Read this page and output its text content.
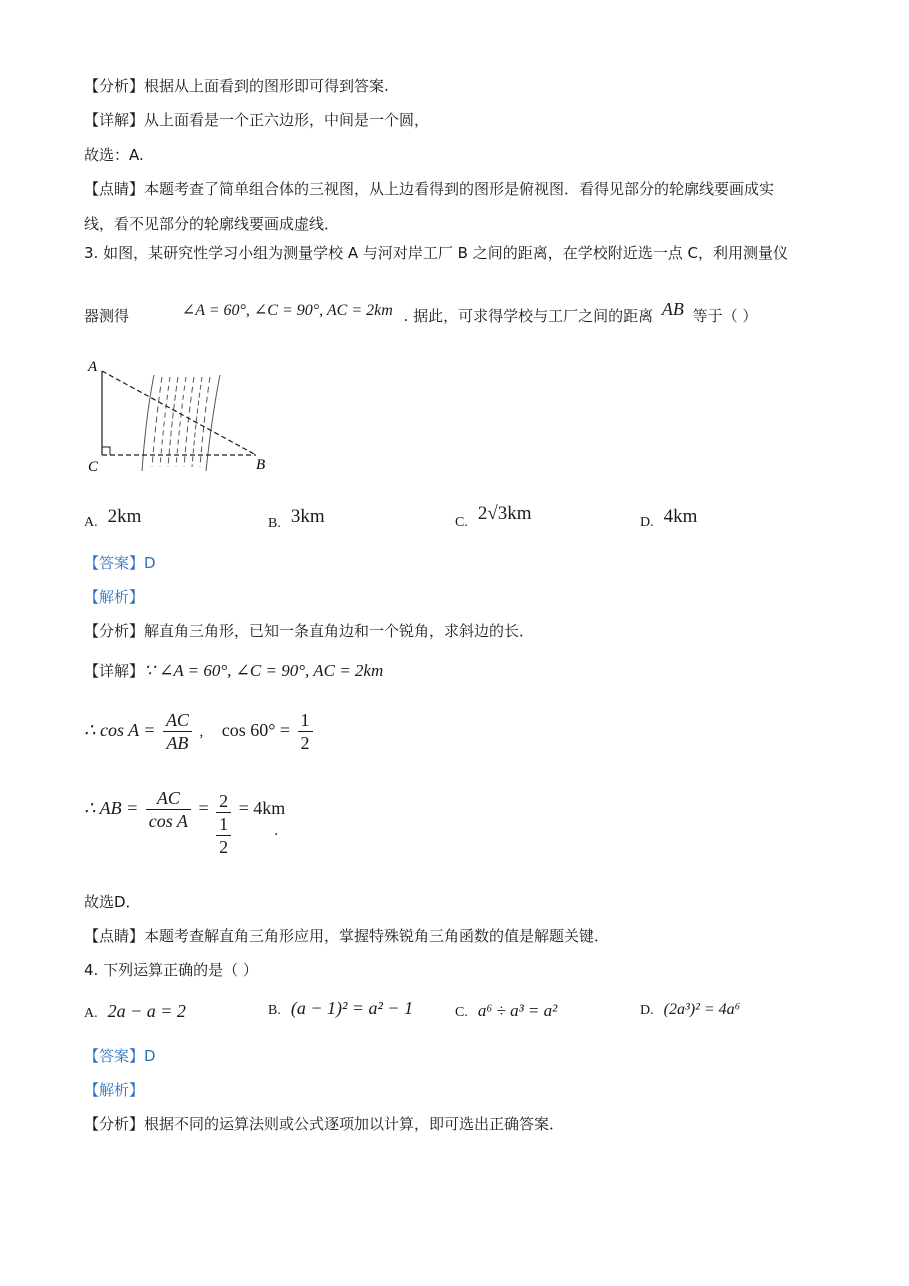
【分析】根据从上面看到的图形即可得到答案.
【详解】从上面看是一个正六边形，中间是一个圆，
故选：A.
【点睛】本题考查了简单组合体的三视图，从上边看得到的图形是俯视图．看得见部分的轮廓线要画成实
线，看不见部分的轮廓线要画成虚线．
3. 如图，某研究性学习小组为测量学校 A 与河对岸工厂 B 之间的距离，在学校附近选一点 C，利用测量仪
器测得	∠A = 60°, ∠C = 90°, AC = 2km . 据此，可求得学校与工厂之间的距离 AB 等于（ ）
A
C	B
A. 2km	B. 3km	C. 2√3km	D. 4km
【答案】D
【解析】
【分析】解直角三角形，已知一条直角边和一个锐角，求斜边的长．
【详解】∵ ∠A = 60°, ∠C = 90°, AC = 2km
∴ $\cos A = \frac{AC}{AB}$ , $\cos 60^\circ = \frac{1}{2}$
∴ AB = $\frac{AC}{\text{cos A}} = \frac{2}{\frac{1}{2}} = 4km$
.
故选D．
【点睛】本题考查解直角三角形应用，掌握特殊锐角三角函数的值是解题关键．
4. 下列运算正确的是（ ）
A. 2a − a = 2	B. (a − 1)² = a² − 1	C. a⁶ ÷ a³ = a²	D. (2a³)² = 4a⁶
【答案】D
【解析】
【分析】根据不同的运算法则或公式逐项加以计算，即可选出正确答案．
